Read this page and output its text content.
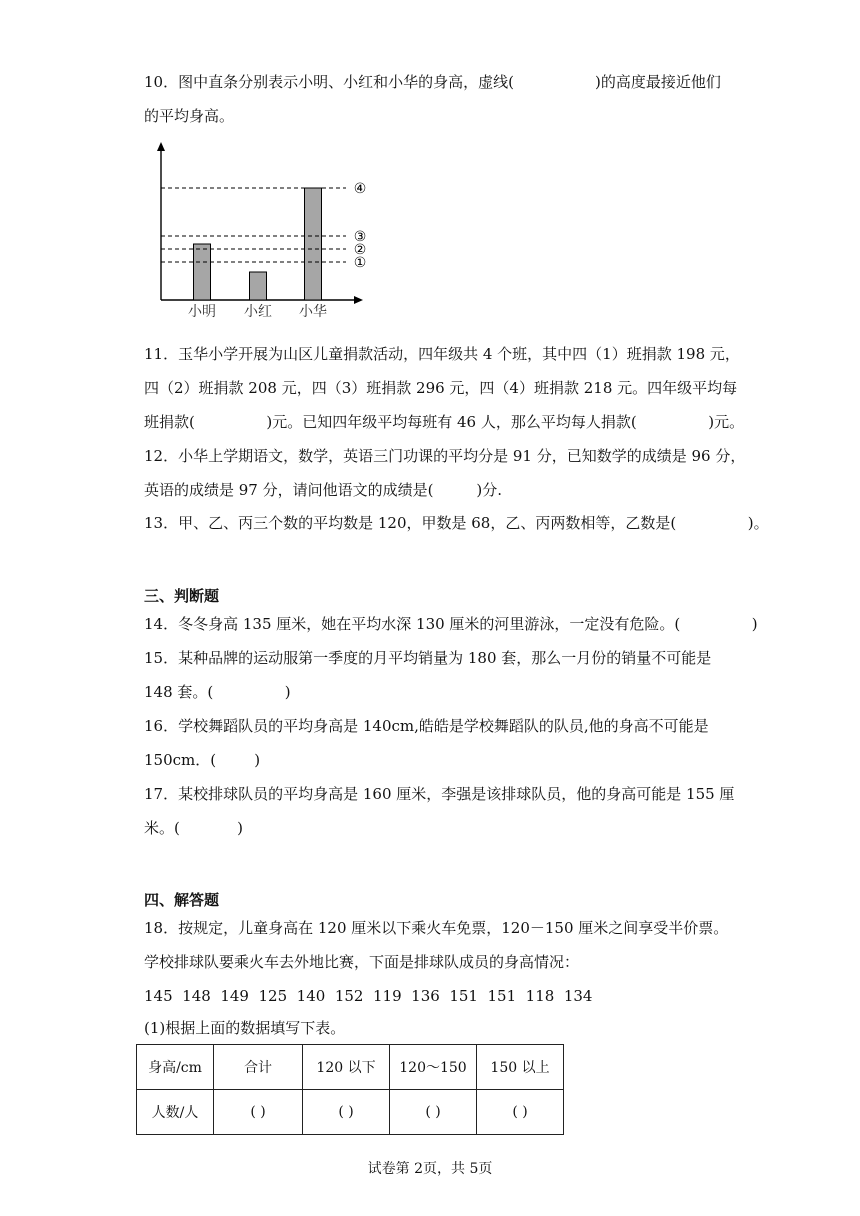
10．图中直条分别表示小明、小红和小华的身高，虚线(                 )的高度最接近他们
的平均身高。
①
②
③
④
小明 小红 小华
11．玉华小学开展为山区儿童捐款活动，四年级共 4 个班，其中四（1）班捐款 198 元，
四（2）班捐款 208 元，四（3）班捐款 296 元，四（4）班捐款 218 元。四年级平均每
班捐款(               )元。已知四年级平均每班有 46 人，那么平均每人捐款(               )元。
12．小华上学期语文，数学，英语三门功课的平均分是 91 分，已知数学的成绩是 96 分，
英语的成绩是 97 分，请问他语文的成绩是(         )分.
13．甲、乙、丙三个数的平均数是 120，甲数是 68，乙、丙两数相等，乙数是(               )。
三、判断题
14．冬冬身高 135 厘米，她在平均水深 130 厘米的河里游泳，一定没有危险。(               )
15．某种品牌的运动服第一季度的月平均销量为 180 套，那么一月份的销量不可能是
148 套。(               )
16．学校舞蹈队员的平均身高是 140cm,皓皓是学校舞蹈队的队员,他的身高不可能是
150cm．(        )
17．某校排球队员的平均身高是 160 厘米，李强是该排球队员，他的身高可能是 155 厘
米。(            )
四、解答题
18．按规定，儿童身高在 120 厘米以下乘火车免票，120－150 厘米之间享受半价票。
学校排球队要乘火车去外地比赛，下面是排球队成员的身高情况：
145  148  149  125  140  152  119  136  151  151  118  134
(1)根据上面的数据填写下表。
身高/cm	合计	120 以下	120～150	150 以上
人数/人	( )	( )	( )	( )
试卷第 2页，共 5页
